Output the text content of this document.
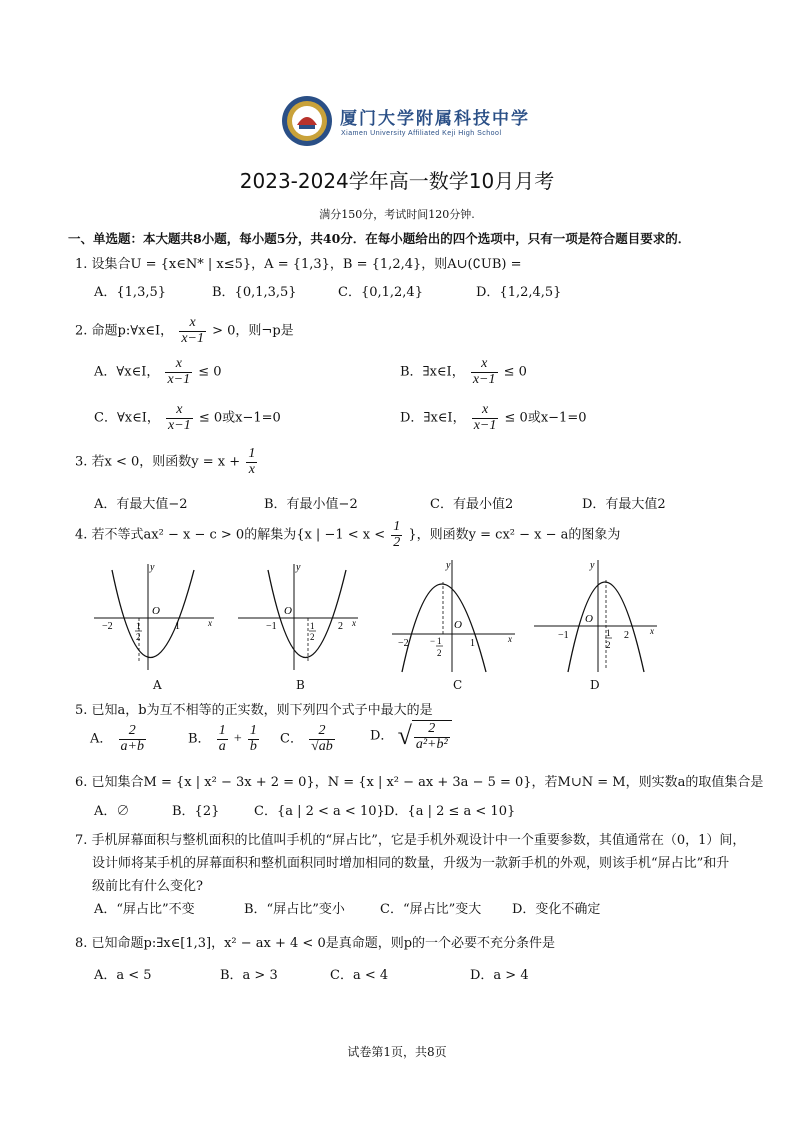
厦门大学附属科技中学
Xiamen University Affiliated Keji High School
2023-2024学年高一数学10月月考
满分150分，考试时间120分钟.
一、单选题：本大题共8小题，每小题5分，共40分．在每小题给出的四个选项中，只有一项是符合题目要求的．
1. 设集合U = {x∈N* | x≤5}，A = {1,3}，B = {1,2,4}，则A∪(∁UB) =
A．{1,3,5}	B．{0,1,3,5}	C．{0,1,2,4}	D．{1,2,4,5}
2. 命题p:∀x∈I， $\frac{x}{x-1} > 0$，则¬p是
A．∀x∈I， $\frac{x}{x-1} \le 0$	B．∃x∈I， $\frac{x}{x-1} \le 0$
C．∀x∈I， $\frac{x}{x-1} \le 0$或x−1=0	D．∃x∈I， $\frac{x}{x-1} \le 0$或x−1=0
3. 若x < 0，则函数$y = x + \frac{1}{x}$
A．有最大值−2	B．有最小值−2	C．有最小值2	D．有最大值2
4. 若不等式ax² − x − c > 0的解集为{x | $-1 < x < \frac{1}{2}$ }，则函数y = cx² − x − a的图象为
y
x
O
−2	1
1
2
A
y
x
O
−1	2
1
2
B
y
x
O
−2	1
− 1
2
C
y
x
O
−1	2
1
2
D
5. 已知a，b为互不相等的正实数，则下列四个式子中最大的是
A． $\frac{2}{a+b}$	B． $\frac{1}{a} + \frac{1}{b}$ C． $\frac{2}{√ab}$	D． √ $\frac{2}{\text{a²+b²}}$
6. 已知集合M = {x | x² − 3x + 2 = 0}，N = {x | x² − ax + 3a − 5 = 0}，若M∪N = M，则实数a的取值集合是
A．∅	B．{2}	C．{a | 2 < a < 10} D．{a | 2 ≤ a < 10}
7. 手机屏幕面积与整机面积的比值叫手机的“屏占比”，它是手机外观设计中一个重要参数，其值通常在（0，1）间，
设计师将某手机的屏幕面积和整机面积同时增加相同的数量，升级为一款新手机的外观，则该手机“屏占比”和升
级前比有什么变化?
A．“屏占比”不变	B．“屏占比”变小	C．“屏占比”变大 D．变化不确定
8. 已知命题p:∃x∈[1,3]，x² − ax + 4 < 0是真命题，则p的一个必要不充分条件是
A．a < 5	B．a > 3	C．a < 4	D．a > 4
试卷第1页，共8页
